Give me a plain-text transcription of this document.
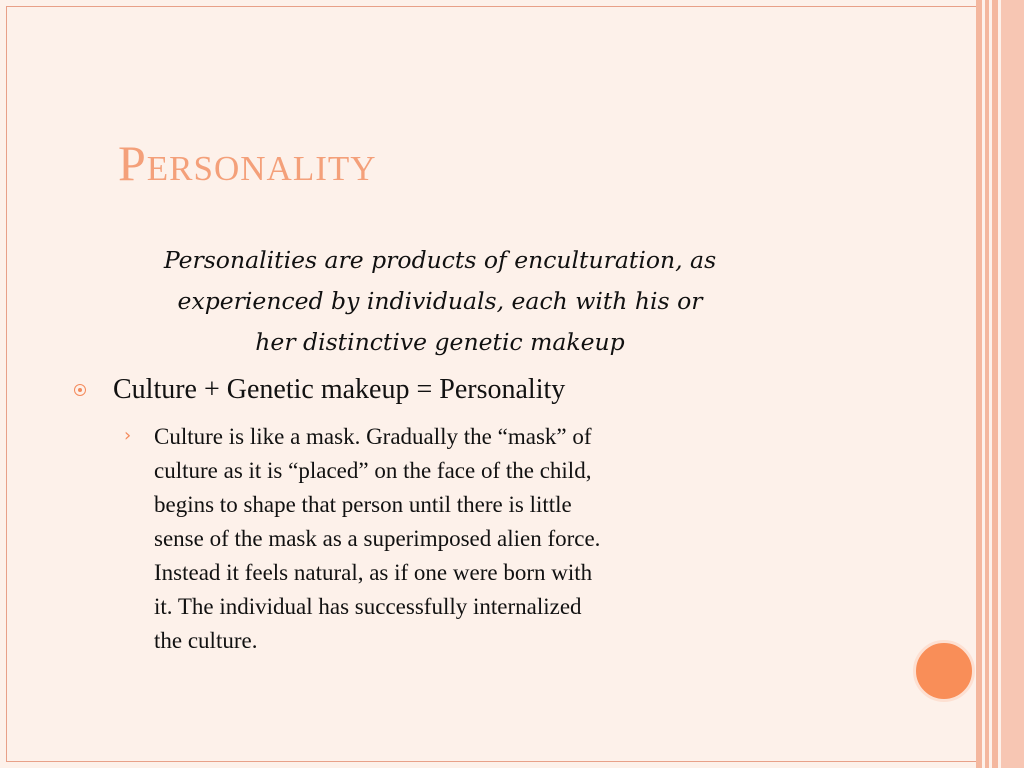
Personality

Personalities are products of enculturation, as
experienced by individuals, each with his or
her distinctive genetic makeup

Culture + Genetic makeup = Personality
› Culture is like a mask. Gradually the “mask” of
culture as it is “placed” on the face of the child,
begins to shape that person until there is little
sense of the mask as a superimposed alien force.
Instead it feels natural, as if one were born with
it. The individual has successfully internalized
the culture.
